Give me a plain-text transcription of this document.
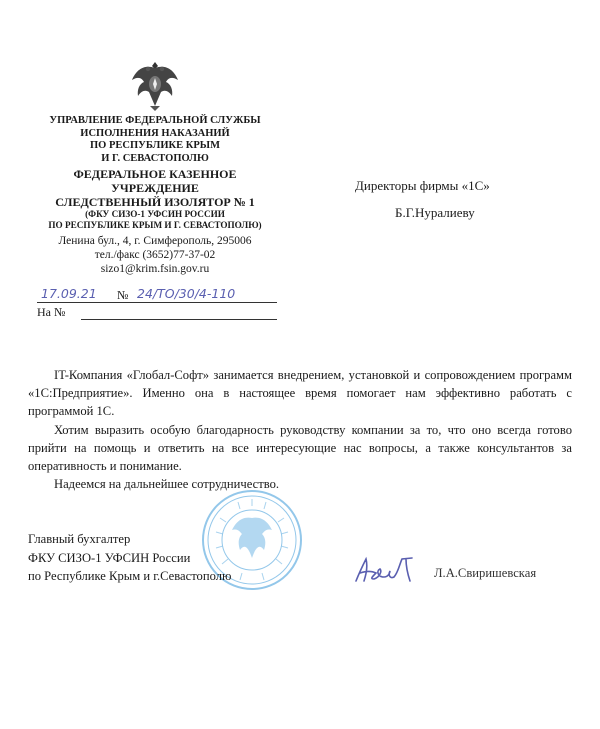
УПРАВЛЕНИЕ ФЕДЕРАЛЬНОЙ СЛУЖБЫ
ИСПОЛНЕНИЯ НАКАЗАНИЙ
ПО РЕСПУБЛИКЕ КРЫМ
И Г. СЕВАСТОПОЛЮ
ФЕДЕРАЛЬНОЕ КАЗЕННОЕ
УЧРЕЖДЕНИЕ
СЛЕДСТВЕННЫЙ ИЗОЛЯТОР № 1
(ФКУ СИЗО-1 УФСИН РОССИИ
ПО РЕСПУБЛИКЕ КРЫМ И Г. СЕВАСТОПОЛЮ)
Ленина бул., 4, г. Симферополь, 295006
тел./факс (3652)77-37-02
sizo1@krim.fsin.gov.ru
17.09.21 № 24/ТО/30/4-110
На №
Директоры фирмы «1С»
Б.Г.Нуралиеву

IT-Компания «Глобал-Софт» занимается внедрением, установкой и сопровождением программ «1С:Предприятие». Именно она в настоящее время помогает нам эффективно работать с программой 1С.

Хотим выразить особую благодарность руководству компании за то, что оно всегда готово прийти на помощь и ответить на все интересующие нас вопросы, а также консультантов за оперативность и понимание.

Надеемся на дальнейшее сотрудничество.

Главный бухгалтер
ФКУ СИЗО-1 УФСИН России
по Республике Крым и г.Севастополю	Л.А.Свиришевская
